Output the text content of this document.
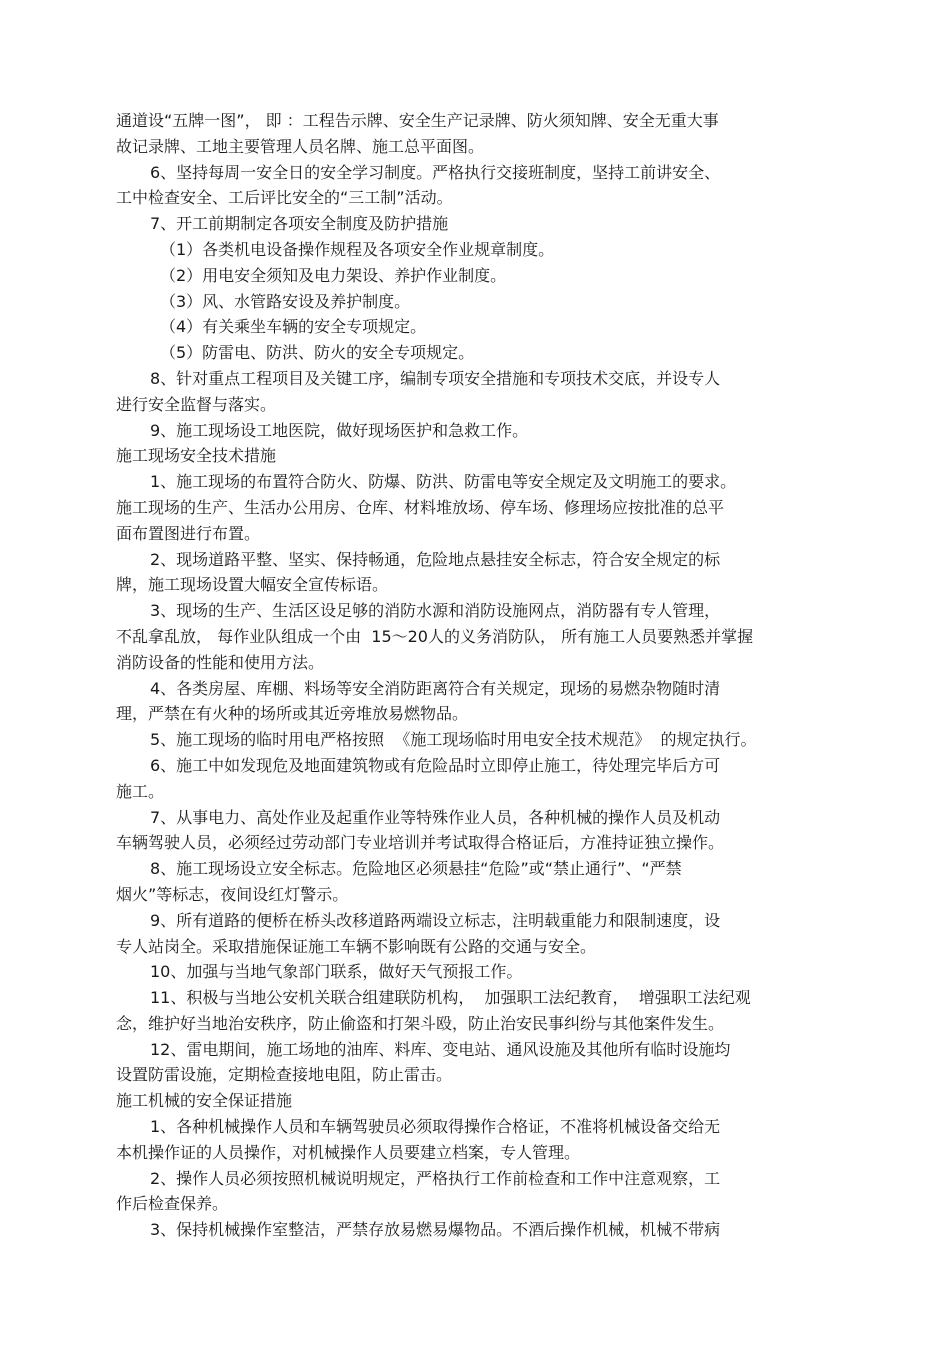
通道设“五牌一图”， 即 ：工程告示牌、安全生产记录牌、防火须知牌、安全无重大事
故记录牌、工地主要管理人员名牌、施工总平面图。
6、坚持每周一安全日的安全学习制度。严格执行交接班制度，坚持工前讲安全、
工中检查安全、工后评比安全的“三工制”活动。
7、开工前期制定各项安全制度及防护措施
（1）各类机电设备操作规程及各项安全作业规章制度。
（2）用电安全须知及电力架设、养护作业制度。
（3）风、水管路安设及养护制度。
（4）有关乘坐车辆的安全专项规定。
（5）防雷电、防洪、防火的安全专项规定。
8、针对重点工程项目及关键工序，编制专项安全措施和专项技术交底，并设专人
进行安全监督与落实。
9、施工现场设工地医院，做好现场医护和急救工作。
施工现场安全技术措施
1、施工现场的布置符合防火、防爆、防洪、防雷电等安全规定及文明施工的要求。
施工现场的生产、生活办公用房、仓库、材料堆放场、停车场、修理场应按批准的总平
面布置图进行布置。
2、现场道路平整、坚实、保持畅通，危险地点悬挂安全标志，符合安全规定的标
牌，施工现场设置大幅安全宣传标语。
3、现场的生产、生活区设足够的消防水源和消防设施网点，消防器有专人管理，
不乱拿乱放， 每作业队组成一个由  15～20人的义务消防队， 所有施工人员要熟悉并掌握
消防设备的性能和使用方法。
4、各类房屋、库棚、料场等安全消防距离符合有关规定，现场的易燃杂物随时清
理，严禁在有火种的场所或其近旁堆放易燃物品。
5、施工现场的临时用电严格按照  《施工现场临时用电安全技术规范》  的规定执行。
6、施工中如发现危及地面建筑物或有危险品时立即停止施工，待处理完毕后方可
施工。
7、从事电力、高处作业及起重作业等特殊作业人员，各种机械的操作人员及机动
车辆驾驶人员，必须经过劳动部门专业培训并考试取得合格证后，方准持证独立操作。
8、施工现场设立安全标志。危险地区必须悬挂“危险”或“禁止通行”、“严禁
烟火”等标志，夜间设红灯警示。
9、所有道路的便桥在桥头改移道路两端设立标志，注明载重能力和限制速度，设
专人站岗全。采取措施保证施工车辆不影响既有公路的交通与安全。
10、加强与当地气象部门联系，做好天气预报工作。
11、积极与当地公安机关联合组建联防机构，  加强职工法纪教育，  增强职工法纪观
念，维护好当地治安秩序，防止偷盗和打架斗殴，防止治安民事纠纷与其他案件发生。
12、雷电期间，施工场地的油库、料库、变电站、通风设施及其他所有临时设施均
设置防雷设施，定期检查接地电阻，防止雷击。
施工机械的安全保证措施
1、各种机械操作人员和车辆驾驶员必须取得操作合格证，不准将机械设备交给无
本机操作证的人员操作，对机械操作人员要建立档案，专人管理。
2、操作人员必须按照机械说明规定，严格执行工作前检查和工作中注意观察，工
作后检查保养。
3、保持机械操作室整洁，严禁存放易燃易爆物品。不酒后操作机械，机械不带病
